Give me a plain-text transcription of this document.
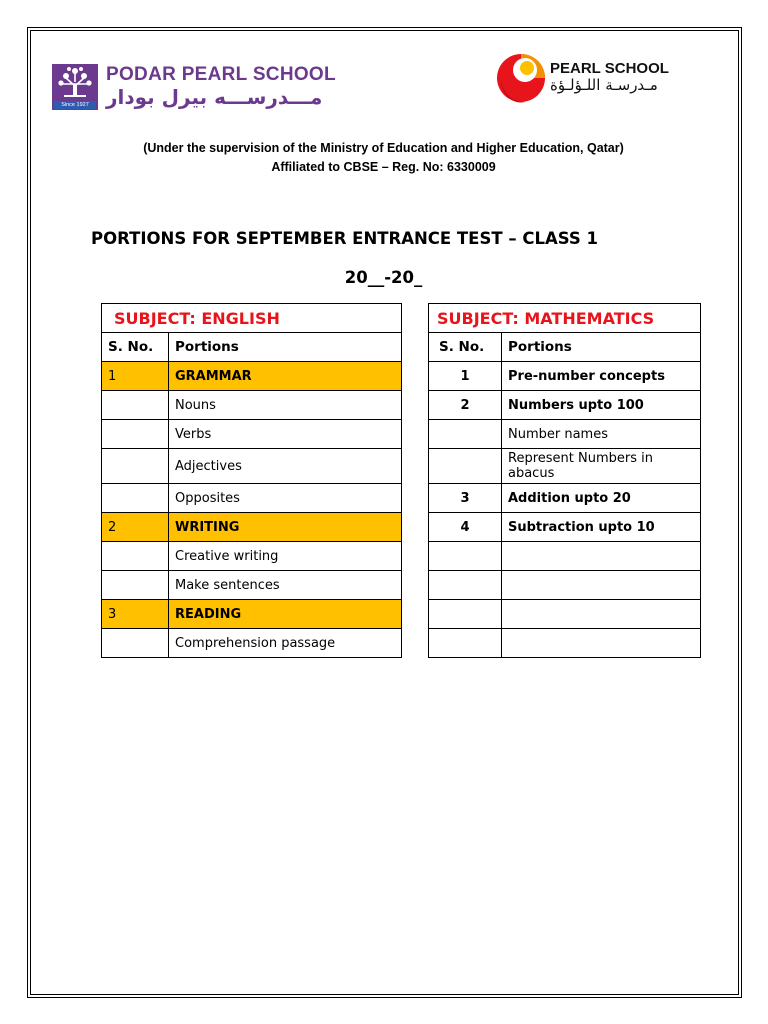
Since 1927
PODAR PEARL SCHOOL
مـــدرســـه بيرل بودار
PEARL SCHOOL
مـدرسـة اللـؤلـؤة
(Under the supervision of the Ministry of Education and Higher Education, Qatar)
Affiliated to CBSE – Reg. No: 6330009
PORTIONS FOR SEPTEMBER ENTRANCE TEST – CLASS 1
20__-20_
SUBJECT: ENGLISH	
S. No.	Portions
1	GRAMMAR
	Nouns
	Verbs
	Adjectives
	Opposites
2	WRITING
	Creative writing
	Make sentences
3	READING
	Comprehension passage
SUBJECT: MATHEMATICS	
S. No.	Portions
1	Pre-number concepts
2	Numbers upto 100
	Number names
	Represent Numbers in abacus
3	Addition upto 20
4	Subtraction upto 10
